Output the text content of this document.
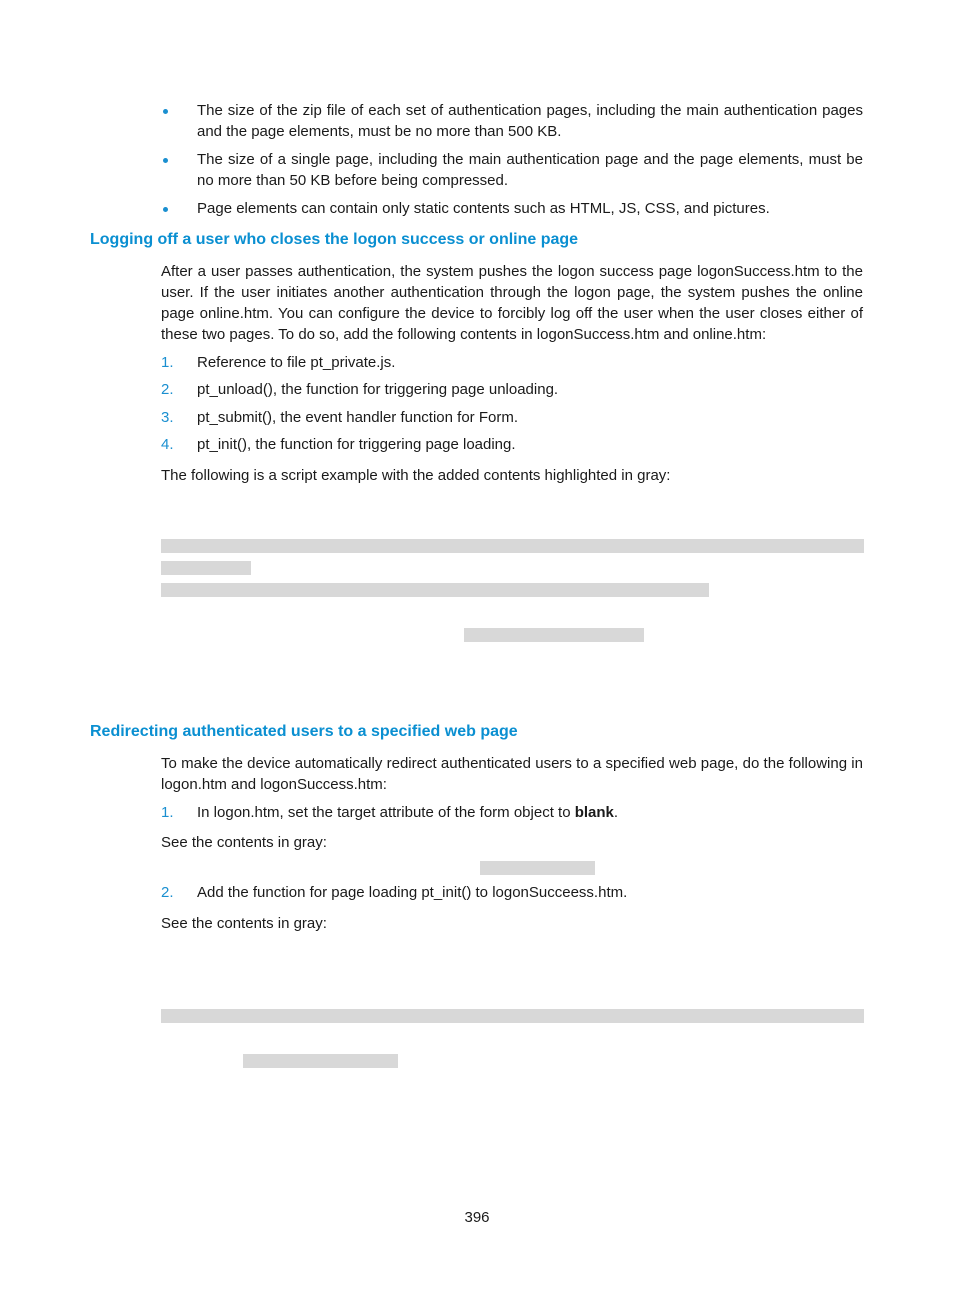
The size of the zip file of each set of authentication pages, including the main authentication pages and the page elements, must be no more than 500 KB.
The size of a single page, including the main authentication page and the page elements, must be no more than 50 KB before being compressed.
Page elements can contain only static contents such as HTML, JS, CSS, and pictures.
Logging off a user who closes the logon success or online page
After a user passes authentication, the system pushes the logon success page logonSuccess.htm to the user. If the user initiates another authentication through the logon page, the system pushes the online page online.htm. You can configure the device to forcibly log off the user when the user closes either of these two pages. To do so, add the following contents in logonSuccess.htm and online.htm:
1. Reference to file pt_private.js.
2. pt_unload(), the function for triggering page unloading.
3. pt_submit(), the event handler function for Form.
4. pt_init(), the function for triggering page loading.
The following is a script example with the added contents highlighted in gray:
Redirecting authenticated users to a specified web page
To make the device automatically redirect authenticated users to a specified web page, do the following in logon.htm and logonSuccess.htm:
1. In logon.htm, set the target attribute of the form object to blank.
See the contents in gray:
2. Add the function for page loading pt_init() to logonSucceess.htm.
See the contents in gray:
396
